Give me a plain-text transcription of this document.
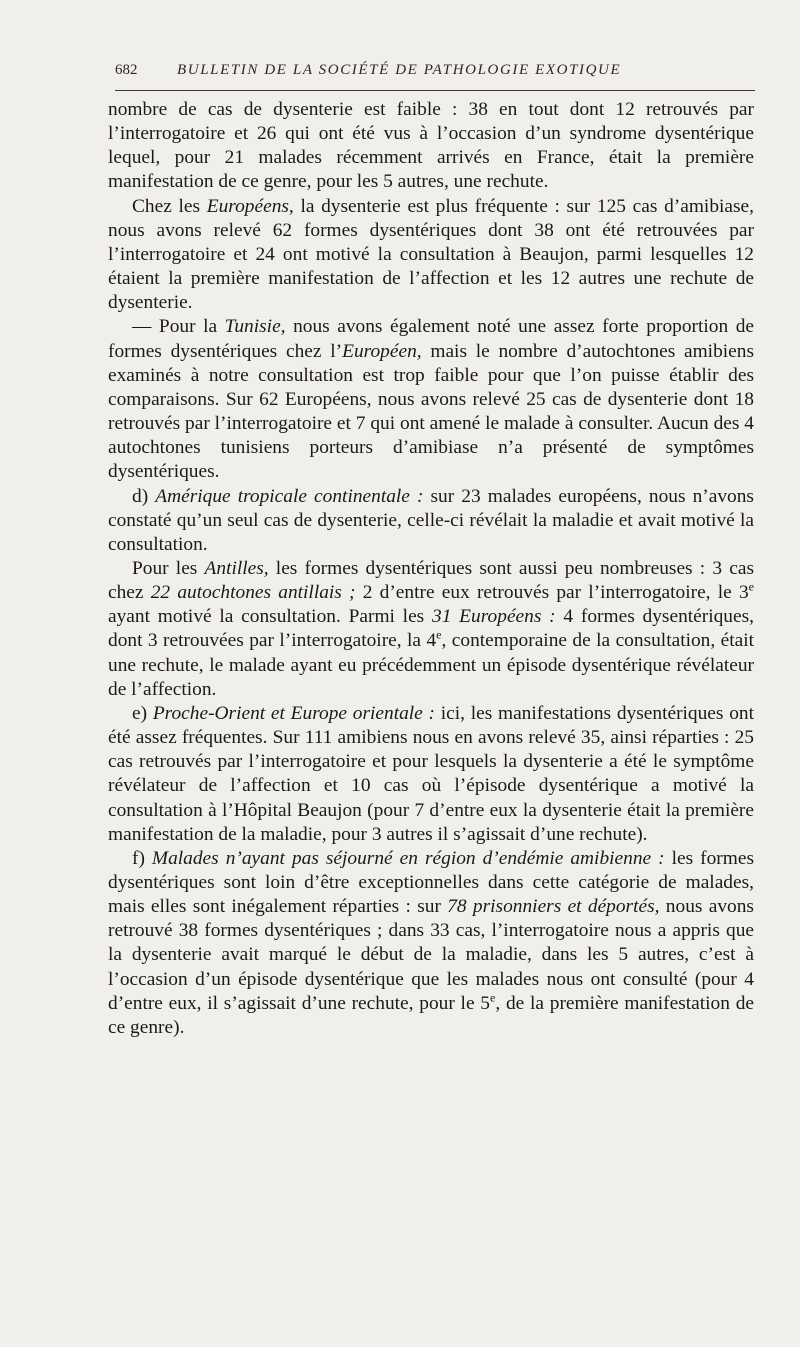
682	BULLETIN DE LA SOCIÉTÉ DE PATHOLOGIE EXOTIQUE

nombre de cas de dysenterie est faible : 38 en tout dont 12 retrouvés par l’interrogatoire et 26 qui ont été vus à l’occasion d’un syndrome dysentérique lequel, pour 21 malades récemment arrivés en France, était la première manifestation de ce genre, pour les 5 autres, une rechute.

Chez les Européens, la dysenterie est plus fréquente : sur 125 cas d’amibiase, nous avons relevé 62 formes dysentériques dont 38 ont été retrouvées par l’interrogatoire et 24 ont motivé la consultation à Beaujon, parmi lesquelles 12 étaient la première manifestation de l’affection et les 12 autres une rechute de dysenterie.

— Pour la Tunisie, nous avons également noté une assez forte proportion de formes dysentériques chez l’Européen, mais le nombre d’autochtones amibiens examinés à notre consultation est trop faible pour que l’on puisse établir des comparaisons. Sur 62 Européens, nous avons relevé 25 cas de dysenterie dont 18 retrouvés par l’interrogatoire et 7 qui ont amené le malade à consulter. Aucun des 4 autochtones tunisiens porteurs d’amibiase n’a présenté de symptômes dysentériques.

d) Amérique tropicale continentale : sur 23 malades européens, nous n’avons constaté qu’un seul cas de dysenterie, celle-ci révélait la maladie et avait motivé la consultation.

Pour les Antilles, les formes dysentériques sont aussi peu nombreuses : 3 cas chez 22 autochtones antillais ; 2 d’entre eux retrouvés par l’interrogatoire, le 3e ayant motivé la consultation. Parmi les 31 Européens : 4 formes dysentériques, dont 3 retrouvées par l’interrogatoire, la 4e, contemporaine de la consultation, était une rechute, le malade ayant eu précédemment un épisode dysentérique révélateur de l’affection.

e) Proche-Orient et Europe orientale : ici, les manifestations dysentériques ont été assez fréquentes. Sur 111 amibiens nous en avons relevé 35, ainsi réparties : 25 cas retrouvés par l’interrogatoire et pour lesquels la dysenterie a été le symptôme révélateur de l’affection et 10 cas où l’épisode dysentérique a motivé la consultation à l’Hôpital Beaujon (pour 7 d’entre eux la dysenterie était la première manifestation de la maladie, pour 3 autres il s’agissait d’une rechute).

f) Malades n’ayant pas séjourné en région d’endémie amibienne : les formes dysentériques sont loin d’être exceptionnelles dans cette catégorie de malades, mais elles sont inégalement réparties : sur 78 prisonniers et déportés, nous avons retrouvé 38 formes dysentériques ; dans 33 cas, l’interrogatoire nous a appris que la dysenterie avait marqué le début de la maladie, dans les 5 autres, c’est à l’occasion d’un épisode dysentérique que les malades nous ont consulté (pour 4 d’entre eux, il s’agissait d’une rechute, pour le 5e, de la première manifestation de ce genre).
